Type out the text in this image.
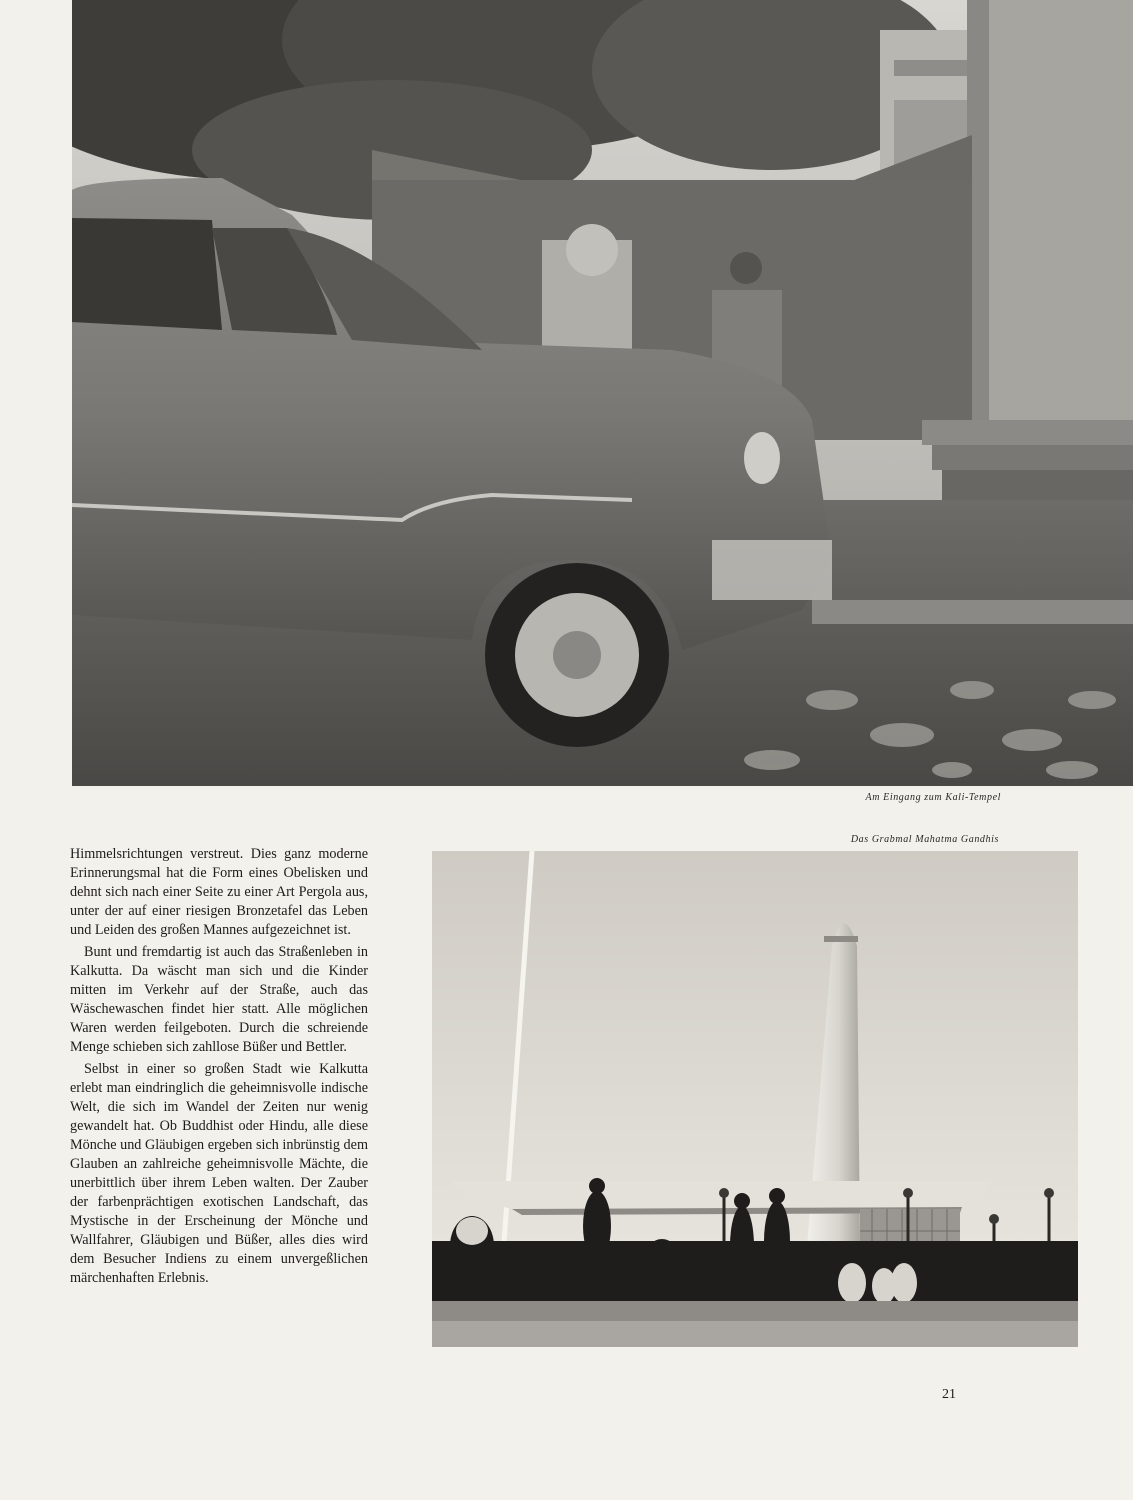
Am Eingang zum Kali-Tempel
Das Grabmal Mahatma Gandhis

Himmelsrichtungen verstreut. Dies ganz moderne Erinnerungsmal hat die Form eines Obelisken und dehnt sich nach einer Seite zu einer Art Pergola aus, unter der auf einer riesigen Bronzetafel das Leben und Leiden des großen Mannes aufgezeichnet ist.

Bunt und fremdartig ist auch das Straßenleben in Kalkutta. Da wäscht man sich und die Kinder mitten im Verkehr auf der Straße, auch das Wäschewaschen findet hier statt. Alle möglichen Waren werden feilgeboten. Durch die schreiende Menge schieben sich zahllose Büßer und Bettler.

Selbst in einer so großen Stadt wie Kalkutta erlebt man eindringlich die geheimnisvolle indische Welt, die sich im Wandel der Zeiten nur wenig gewandelt hat. Ob Buddhist oder Hindu, alle diese Mönche und Gläubigen ergeben sich inbrünstig dem Glauben an zahlreiche geheimnisvolle Mächte, die unerbittlich über ihrem Leben walten. Der Zauber der farbenprächtigen exotischen Landschaft, das Mystische in der Erscheinung der Mönche und Wallfahrer, Gläubigen und Büßer, alles dies wird dem Besucher Indiens zu einem unvergeßlichen märchenhaften Erlebnis.

21
